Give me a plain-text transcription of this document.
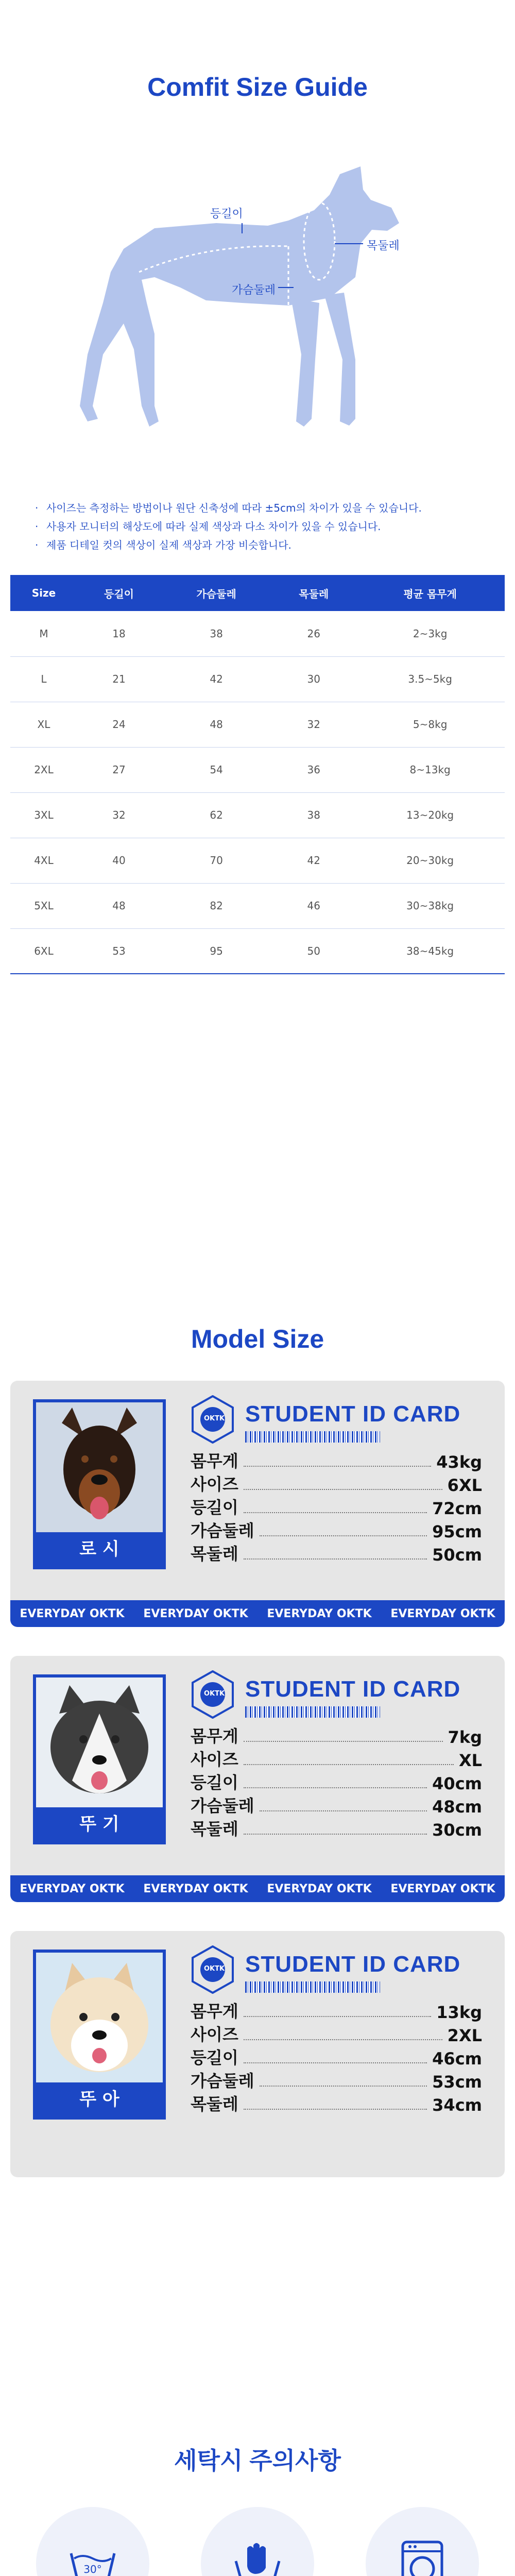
Comfit Size Guide
등길이
목둘레
가슴둘레
· 사이즈는 측정하는 방법이나 원단 신축성에 따라 ±5cm의 차이가 있을 수 있습니다.
· 사용자 모니터의 해상도에 따라 실제 색상과 다소 차이가 있을 수 있습니다.
· 제품 디테일 컷의 색상이 실제 색상과 가장 비슷합니다.
Size	등길이	가슴둘레	목둘레	평균 몸무게
M	18	38	26	2~3kg
L	21	42	30	3.5~5kg
XL	24	48	32	5~8kg
2XL	27	54	36	8~13kg
3XL	32	62	38	13~20kg
4XL	40	70	42	20~30kg
5XL	48	82	46	30~38kg
6XL	53	95	50	38~45kg
Model Size
로 시
OKTK STUDENT ID CARD
몸무게	43kg
사이즈	6XL
등길이	72cm
가슴둘레	95cm
목둘레	50cm
EVERYDAY OKTK EVERYDAY OKTK EVERYDAY OKTK EVERYDAY OKTK
뚜 기
OKTK STUDENT ID CARD
몸무게	7kg
사이즈	XL
등길이	40cm
가슴둘레	48cm
목둘레	30cm
EVERYDAY OKTK EVERYDAY OKTK EVERYDAY OKTK EVERYDAY OKTK
뚜 아
OKTK STUDENT ID CARD
몸무게	13kg
사이즈	2XL
등길이	46cm
가슴둘레	53cm
목둘레	34cm
세탁시 주의사항
30°
